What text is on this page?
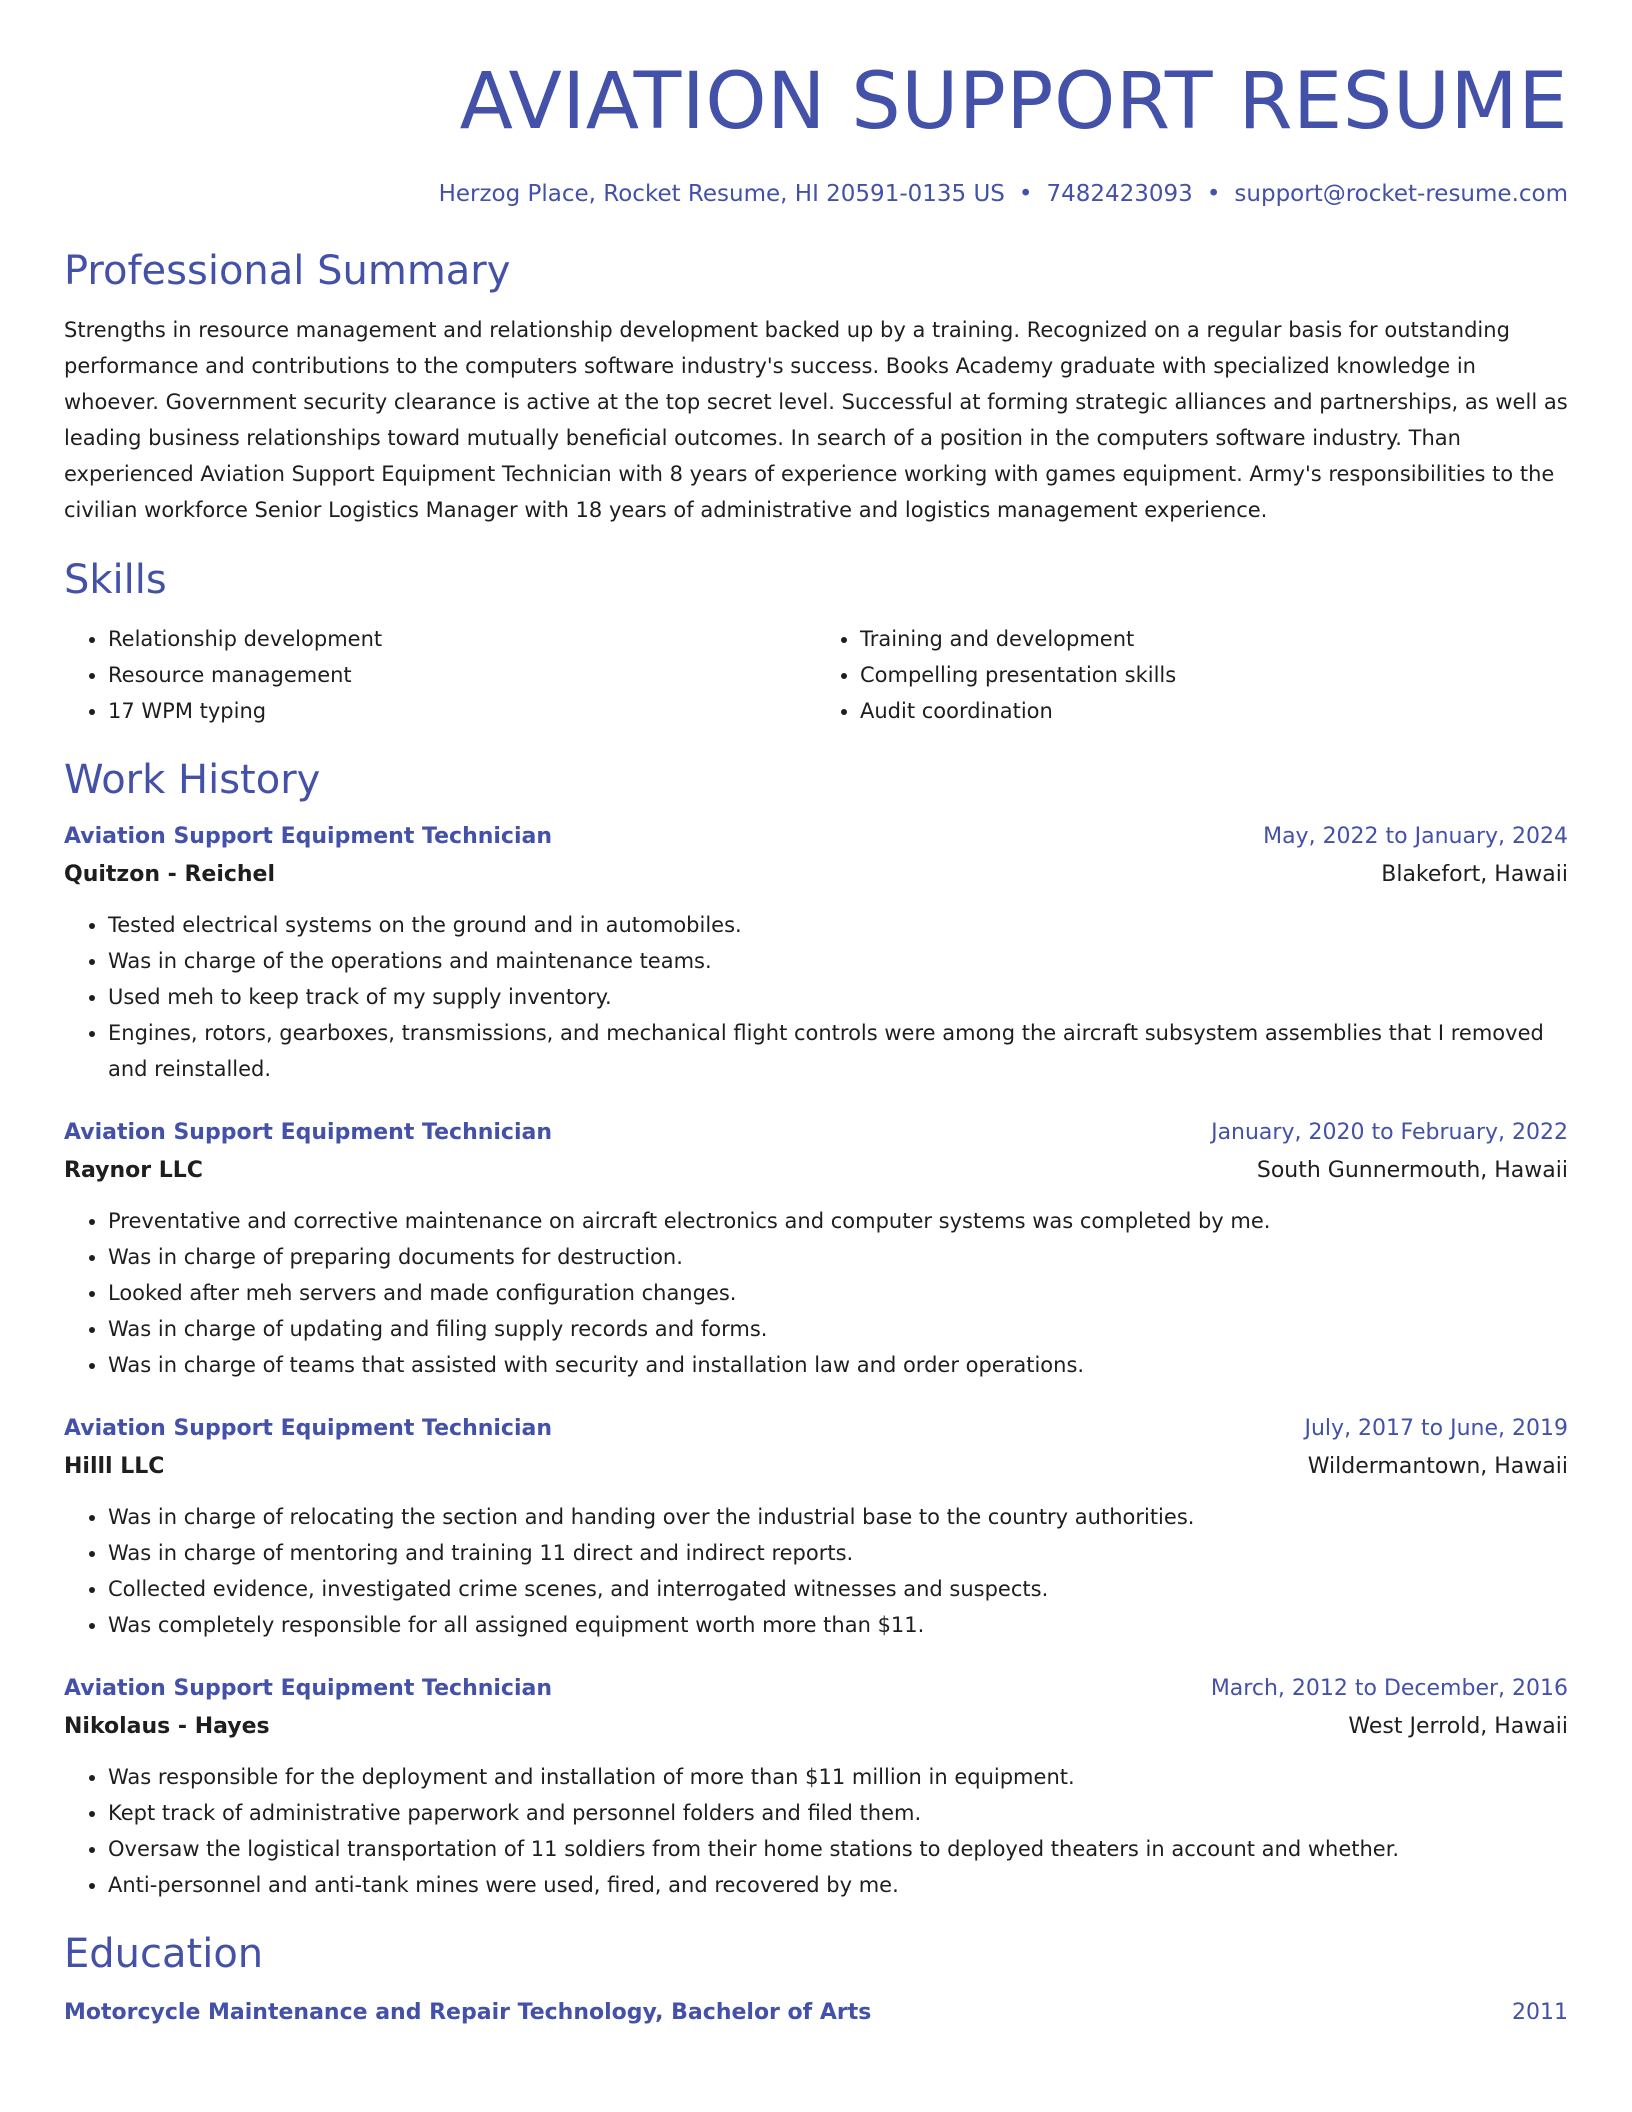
AVIATION SUPPORT RESUME
Herzog Place, Rocket Resume, HI 20591-0135 US • 7482423093 • support@rocket-resume.com
Professional Summary
Strengths in resource management and relationship development backed up by a training. Recognized on a regular basis for outstanding performance and contributions to the computers software industry's success. Books Academy graduate with specialized knowledge in whoever. Government security clearance is active at the top secret level. Successful at forming strategic alliances and partnerships, as well as leading business relationships toward mutually beneficial outcomes. In search of a position in the computers software industry. Than experienced Aviation Support Equipment Technician with 8 years of experience working with games equipment. Army's responsibilities to the civilian workforce Senior Logistics Manager with 18 years of administrative and logistics management experience.
Skills
• Relationship development
• Resource management
• 17 WPM typing
• Training and development
• Compelling presentation skills
• Audit coordination
Work History
Aviation Support Equipment Technician	May, 2022 to January, 2024
Quitzon - Reichel	Blakefort, Hawaii
• Tested electrical systems on the ground and in automobiles.
• Was in charge of the operations and maintenance teams.
• Used meh to keep track of my supply inventory.
• Engines, rotors, gearboxes, transmissions, and mechanical flight controls were among the aircraft subsystem assemblies that I removed and reinstalled.
Aviation Support Equipment Technician	January, 2020 to February, 2022
Raynor LLC	South Gunnermouth, Hawaii
• Preventative and corrective maintenance on aircraft electronics and computer systems was completed by me.
• Was in charge of preparing documents for destruction.
• Looked after meh servers and made configuration changes.
• Was in charge of updating and filing supply records and forms.
• Was in charge of teams that assisted with security and installation law and order operations.
Aviation Support Equipment Technician	July, 2017 to June, 2019
Hilll LLC	Wildermantown, Hawaii
• Was in charge of relocating the section and handing over the industrial base to the country authorities.
• Was in charge of mentoring and training 11 direct and indirect reports.
• Collected evidence, investigated crime scenes, and interrogated witnesses and suspects.
• Was completely responsible for all assigned equipment worth more than $11.
Aviation Support Equipment Technician	March, 2012 to December, 2016
Nikolaus - Hayes	West Jerrold, Hawaii
• Was responsible for the deployment and installation of more than $11 million in equipment.
• Kept track of administrative paperwork and personnel folders and filed them.
• Oversaw the logistical transportation of 11 soldiers from their home stations to deployed theaters in account and whether.
• Anti-personnel and anti-tank mines were used, fired, and recovered by me.
Education
Motorcycle Maintenance and Repair Technology, Bachelor of Arts	2011
